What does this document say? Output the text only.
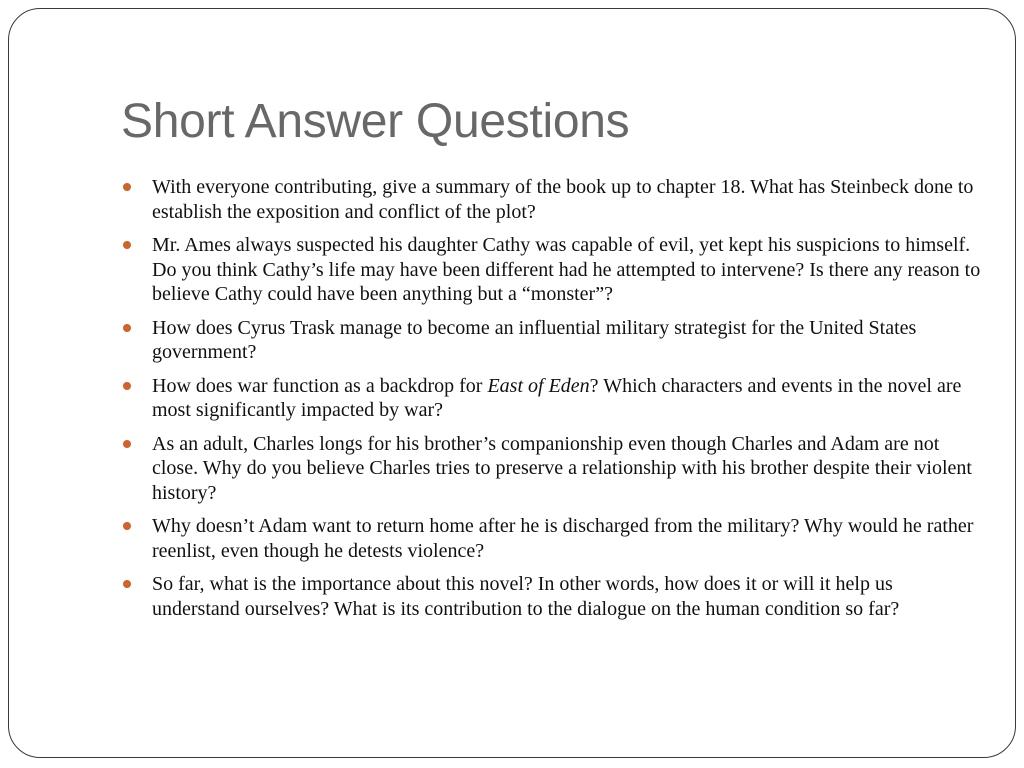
Short Answer Questions
With everyone contributing, give a summary of the book up to chapter 18. What has Steinbeck done to establish the exposition and conflict of the plot?
Mr. Ames always suspected his daughter Cathy was capable of evil, yet kept his suspicions to himself. Do you think Cathy’s life may have been different had he attempted to intervene? Is there any reason to believe Cathy could have been anything but a “monster”?
How does Cyrus Trask manage to become an influential military strategist for the United States government?
How does war function as a backdrop for East of Eden? Which characters and events in the novel are most significantly impacted by war?
As an adult, Charles longs for his brother’s companionship even though Charles and Adam are not close. Why do you believe Charles tries to preserve a relationship with his brother despite their violent history?
Why doesn’t Adam want to return home after he is discharged from the military? Why would he rather reenlist, even though he detests violence?
So far, what is the importance about this novel? In other words, how does it or will it help us understand ourselves? What is its contribution to the dialogue on the human condition so far?
